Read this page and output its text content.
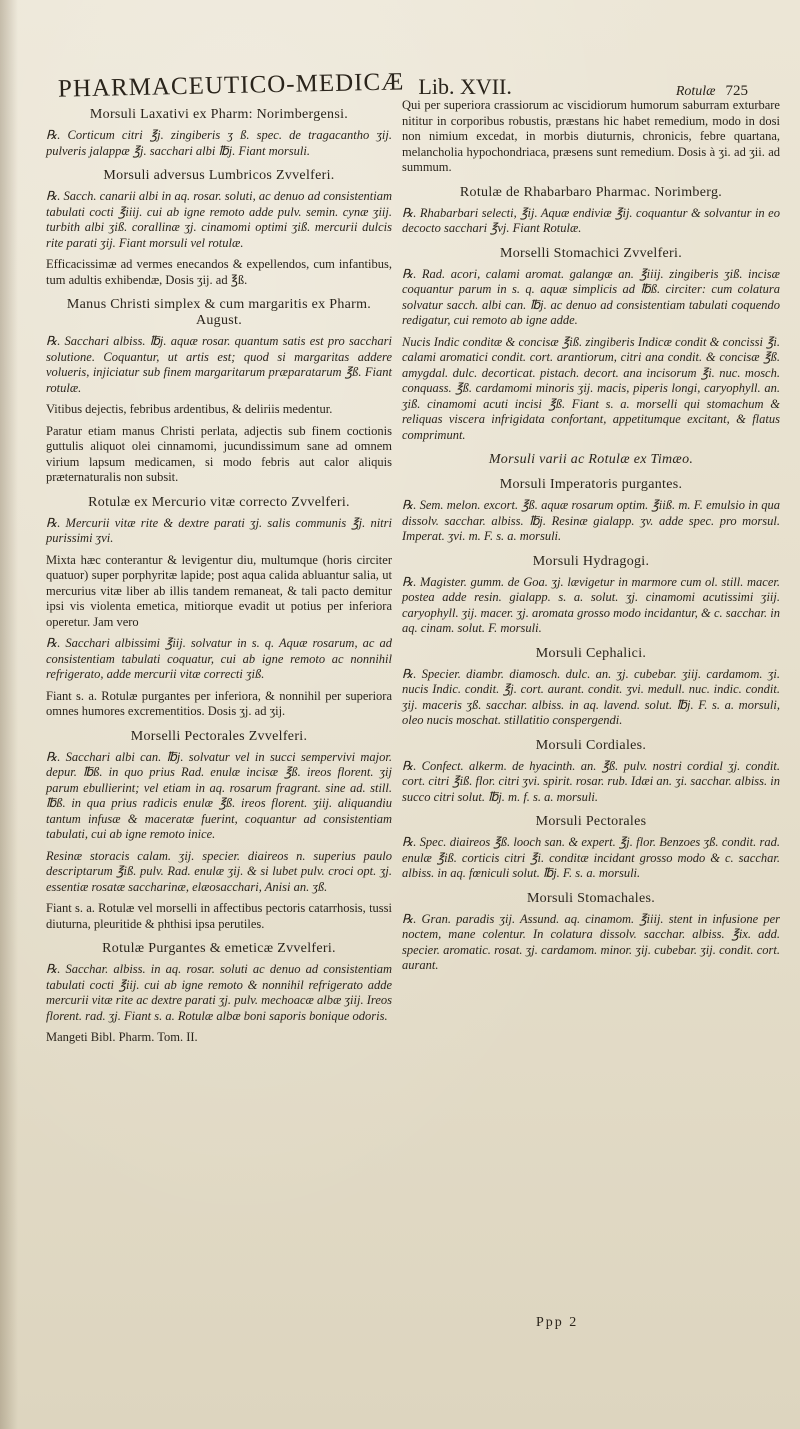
PHARMACEUTICO-MEDICÆ Lib. XVII.	Rotulæ 725
Morsuli Laxativi ex Pharm: Norimbergensi.

℞. Corticum citri ℥j. zingiberis ʒ ß. spec. de tragacantho ʒij. pulveris jalappæ ℥j. sacchari albi ℔j. Fiant morsuli.

Morsuli adversus Lumbricos Zvvelferi.

℞. Sacch. canarii albi in aq. rosar. soluti, ac denuo ad consistentiam tabulati cocti ℥iiij. cui ab igne remoto adde pulv. semin. cynæ ʒiij. turbith albi ʒiß. corallinæ ʒj. cinamomi optimi ʒiß. mercurii dulcis rite parati ʒij. Fiant morsuli vel rotulæ.

Efficacissimæ ad vermes enecandos & expellendos, cum infantibus, tum adultis exhibendæ, Dosis ʒij. ad ℥ß.

Manus Christi simplex & cum margaritis ex Pharm. August.

℞. Sacchari albiss. ℔j. aquæ rosar. quantum satis est pro sacchari solutione. Coquantur, ut artis est; quod si margaritas addere volueris, injiciatur sub finem margaritarum præparatarum ℥ß. Fiant rotulæ.

Vitibus dejectis, febribus ardentibus, & deliriis medentur.

Paratur etiam manus Christi perlata, adjectis sub finem coctionis guttulis aliquot olei cinnamomi, jucundissimum sane ad omnem virium lapsum medicamen, si modo febris aut calor aliquis præternaturalis non subsit.

Rotulæ ex Mercurio vitæ correcto Zvvelferi.

℞. Mercurii vitæ rite & dextre parati ʒj. salis communis ℥j. nitri purissimi ʒvi.

Mixta hæc conterantur & levigentur diu, multumque (horis circiter quatuor) super porphyritæ lapide; post aqua calida abluantur salia, ut mercurius vitæ liber ab illis tandem remaneat, & tali pacto demitur ipsi vis violenta emetica, mitiorque evadit ut potius per inferiora operetur. Jam vero

℞. Sacchari albissimi ℥iij. solvatur in s. q. Aquæ rosarum, ac ad consistentiam tabulati coquatur, cui ab igne remoto ac nonnihil refrigerato, adde mercurii vitæ correcti ʒiß.

Fiant s. a. Rotulæ purgantes per inferiora, & nonnihil per superiora omnes humores excrementitios. Dosis ʒj. ad ʒij.

Morselli Pectorales Zvvelferi.

℞. Sacchari albi can. ℔j. solvatur vel in succi sempervivi major. depur. ℔ß. in quo prius Rad. enulæ incisæ ℥ß. ireos florent. ʒij parum ebullierint; vel etiam in aq. rosarum fragrant. sine ad. still. ℔ß. in qua prius radicis enulæ ℥ß. ireos florent. ʒiij. aliquandiu tantum infusæ & maceratæ fuerint, coquantur ad consistentiam tabulati, cui ab igne remoto inice.

Resinæ storacis calam. ʒij. specier. diaireos n. superius paulo descriptarum ℥iß. pulv. Rad. enulæ ʒij. & si lubet pulv. croci opt. ʒj. essentiæ rosatæ saccharinæ, elæosacchari, Anisi an. ʒß.

Fiant s. a. Rotulæ vel morselli in affectibus pectoris catarrhosis, tussi diuturna, pleuritide & phthisi ipsa perutiles.

Rotulæ Purgantes & emeticæ Zvvelferi.

℞. Sacchar. albiss. in aq. rosar. soluti ac denuo ad consistentiam tabulati cocti ℥iij. cui ab igne remoto & nonnihil refrigerato adde mercurii vitæ rite ac dextre parati ʒj. pulv. mechoacæ albæ ʒiij. Ireos florent. rad. ʒj. Fiant s. a. Rotulæ albæ boni saporis bonique odoris.

Mangeti Bibl. Pharm. Tom. II.

Qui per superiora crassiorum ac viscidiorum humorum saburram exturbare nititur in corporibus robustis, præstans hic habet remedium, modo in dosi non nimium excedat, in morbis diuturnis, chronicis, febre quartana, melancholia hypochondriaca, præsens sunt remedium. Dosis à ʒi. ad ʒii. ad summum.

Rotulæ de Rhabarbaro Pharmac. Norimberg.

℞. Rhabarbari selecti, ℥ij. Aquæ endiviæ ℥ij. coquantur & solvantur in eo decocto sacchari ℥vj. Fiant Rotulæ.

Morselli Stomachici Zvvelferi.

℞. Rad. acori, calami aromat. galangæ an. ℥iiij. zingiberis ʒiß. incisæ coquantur parum in s. q. aquæ simplicis ad ℔ß. circiter: cum colatura solvatur sacch. albi can. ℔j. ac denuo ad consistentiam tabulati coquendo redigatur, cui remoto ab igne adde.

Nucis Indic conditæ & concisæ ℥iß. zingiberis Indicæ condit & concissi ℥i. calami aromatici condit. cort. arantiorum, citri ana condit. & concisæ ℥ß. amygdal. dulc. decorticat. pistach. decort. ana incisorum ℥i. nuc. mosch. conquass. ℥ß. cardamomi minoris ʒij. macis, piperis longi, caryophyll. an. ʒiß. cinamomi acuti incisi ℥ß. Fiant s. a. morselli qui stomachum & reliquas viscera infrigidata confortant, appetitumque excitant, & flatus comprimunt.

Morsuli varii ac Rotulæ ex Timæo.
Morsuli Imperatoris purgantes.

℞. Sem. melon. excort. ℥ß. aquæ rosarum optim. ℥iiß. m. F. emulsio in qua dissolv. sacchar. albiss. ℔j. Resinæ gialapp. ʒv. adde spec. pro morsul. Imperat. ʒvi. m. F. s. a. morsuli.

Morsuli Hydragogi.

℞. Magister. gumm. de Goa. ʒj. lævigetur in marmore cum ol. still. macer. postea adde resin. gialapp. s. a. solut. ʒj. cinamomi acutissimi ʒiij. caryophyll. ʒij. macer. ʒj. aromata grosso modo incidantur, & c. sacchar. in aq. cinam. solut. F. morsuli.

Morsuli Cephalici.

℞. Specier. diambr. diamosch. dulc. an. ʒj. cubebar. ʒiij. cardamom. ʒi. nucis Indic. condit. ℥j. cort. aurant. condit. ʒvi. medull. nuc. indic. condit. ʒij. maceris ʒß. sacchar. albiss. in aq. lavend. solut. ℔j. F. s. a. morsuli, oleo nucis moschat. stillatitio conspergendi.

Morsuli Cordiales.

℞. Confect. alkerm. de hyacinth. an. ℥ß. pulv. nostri cordial ʒj. condit. cort. citri ℥iß. flor. citri ʒvi. spirit. rosar. rub. Idæi an. ʒi. sacchar. albiss. in succo citri solut. ℔j. m. f. s. a. morsuli.

Morsuli Pectorales

℞. Spec. diaireos ℥ß. looch san. & expert. ℥j. flor. Benzoes ʒß. condit. rad. enulæ ℥iß. corticis citri ℥i. conditæ incidant grosso modo & c. sacchar. albiss. in aq. fœniculi solut. ℔j. F. s. a. morsuli.

Morsuli Stomachales.

℞. Gran. paradis ʒij. Assund. aq. cinamom. ℥iiij. stent in infusione per noctem, mane colentur. In colatura dissolv. sacchar. albiss. ℥ix. add. specier. aromatic. rosat. ʒj. cardamom. minor. ʒij. cubebar. ʒij. condit. cort. aurant.

Ppp 2
